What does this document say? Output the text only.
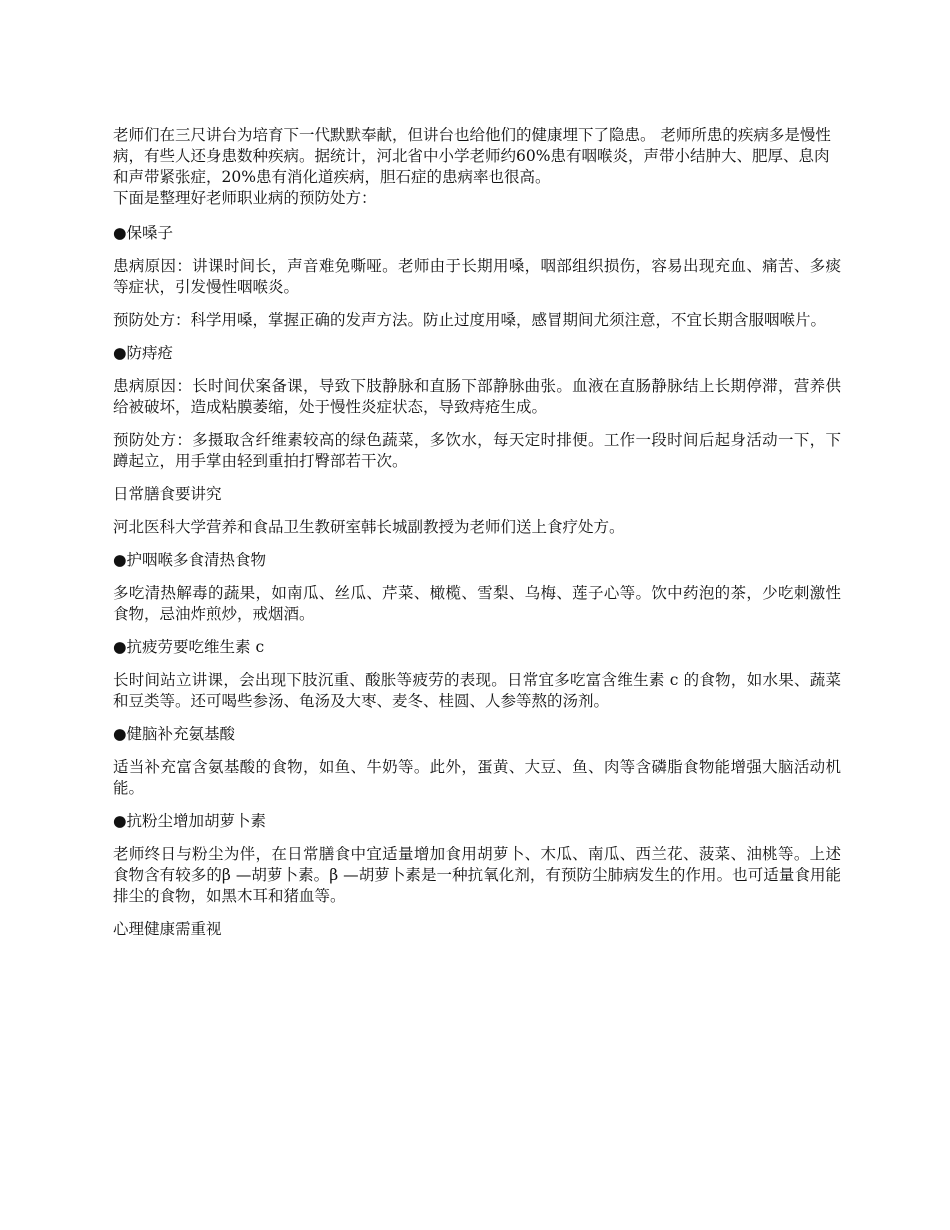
老师们在三尺讲台为培育下一代默默奉献，但讲台也给他们的健康埋下了隐患。 老师所患的疾病多是慢性病，有些人还身患数种疾病。据统计，河北省中小学老师约60%患有咽喉炎，声带小结肿大、肥厚、息肉和声带紧张症，20%患有消化道疾病，胆石症的患病率也很高。

下面是整理好老师职业病的预防处方：

●保嗓子
患病原因：讲课时间长，声音难免嘶哑。老师由于长期用嗓，咽部组织损伤，容易出现充血、痛苦、多痰等症状，引发慢性咽喉炎。
预防处方：科学用嗓，掌握正确的发声方法。防止过度用嗓，感冒期间尤须注意，不宜长期含服咽喉片。
●防痔疮
患病原因：长时间伏案备课，导致下肢静脉和直肠下部静脉曲张。血液在直肠静脉结上长期停滞，营养供给被破坏，造成粘膜萎缩，处于慢性炎症状态，导致痔疮生成。
预防处方：多摄取含纤维素较高的绿色蔬菜，多饮水，每天定时排便。工作一段时间后起身活动一下，下蹲起立，用手掌由轻到重拍打臀部若干次。
日常膳食要讲究
河北医科大学营养和食品卫生教研室韩长城副教授为老师们送上食疗处方。
●护咽喉多食清热食物
多吃清热解毒的蔬果，如南瓜、丝瓜、芹菜、橄榄、雪梨、乌梅、莲子心等。饮中药泡的茶，少吃刺激性食物，忌油炸煎炒，戒烟酒。
●抗疲劳要吃维生素 c
长时间站立讲课，会出现下肢沉重、酸胀等疲劳的表现。日常宜多吃富含维生素 c 的食物，如水果、蔬菜和豆类等。还可喝些参汤、龟汤及大枣、麦冬、桂圆、人参等熬的汤剂。
●健脑补充氨基酸
适当补充富含氨基酸的食物，如鱼、牛奶等。此外，蛋黄、大豆、鱼、肉等含磷脂食物能增强大脑活动机能。
●抗粉尘增加胡萝卜素
老师终日与粉尘为伴，在日常膳食中宜适量增加食用胡萝卜、木瓜、南瓜、西兰花、菠菜、油桃等。上述食物含有较多的β —胡萝卜素。β —胡萝卜素是一种抗氧化剂，有预防尘肺病发生的作用。也可适量食用能排尘的食物，如黑木耳和猪血等。
心理健康需重视
